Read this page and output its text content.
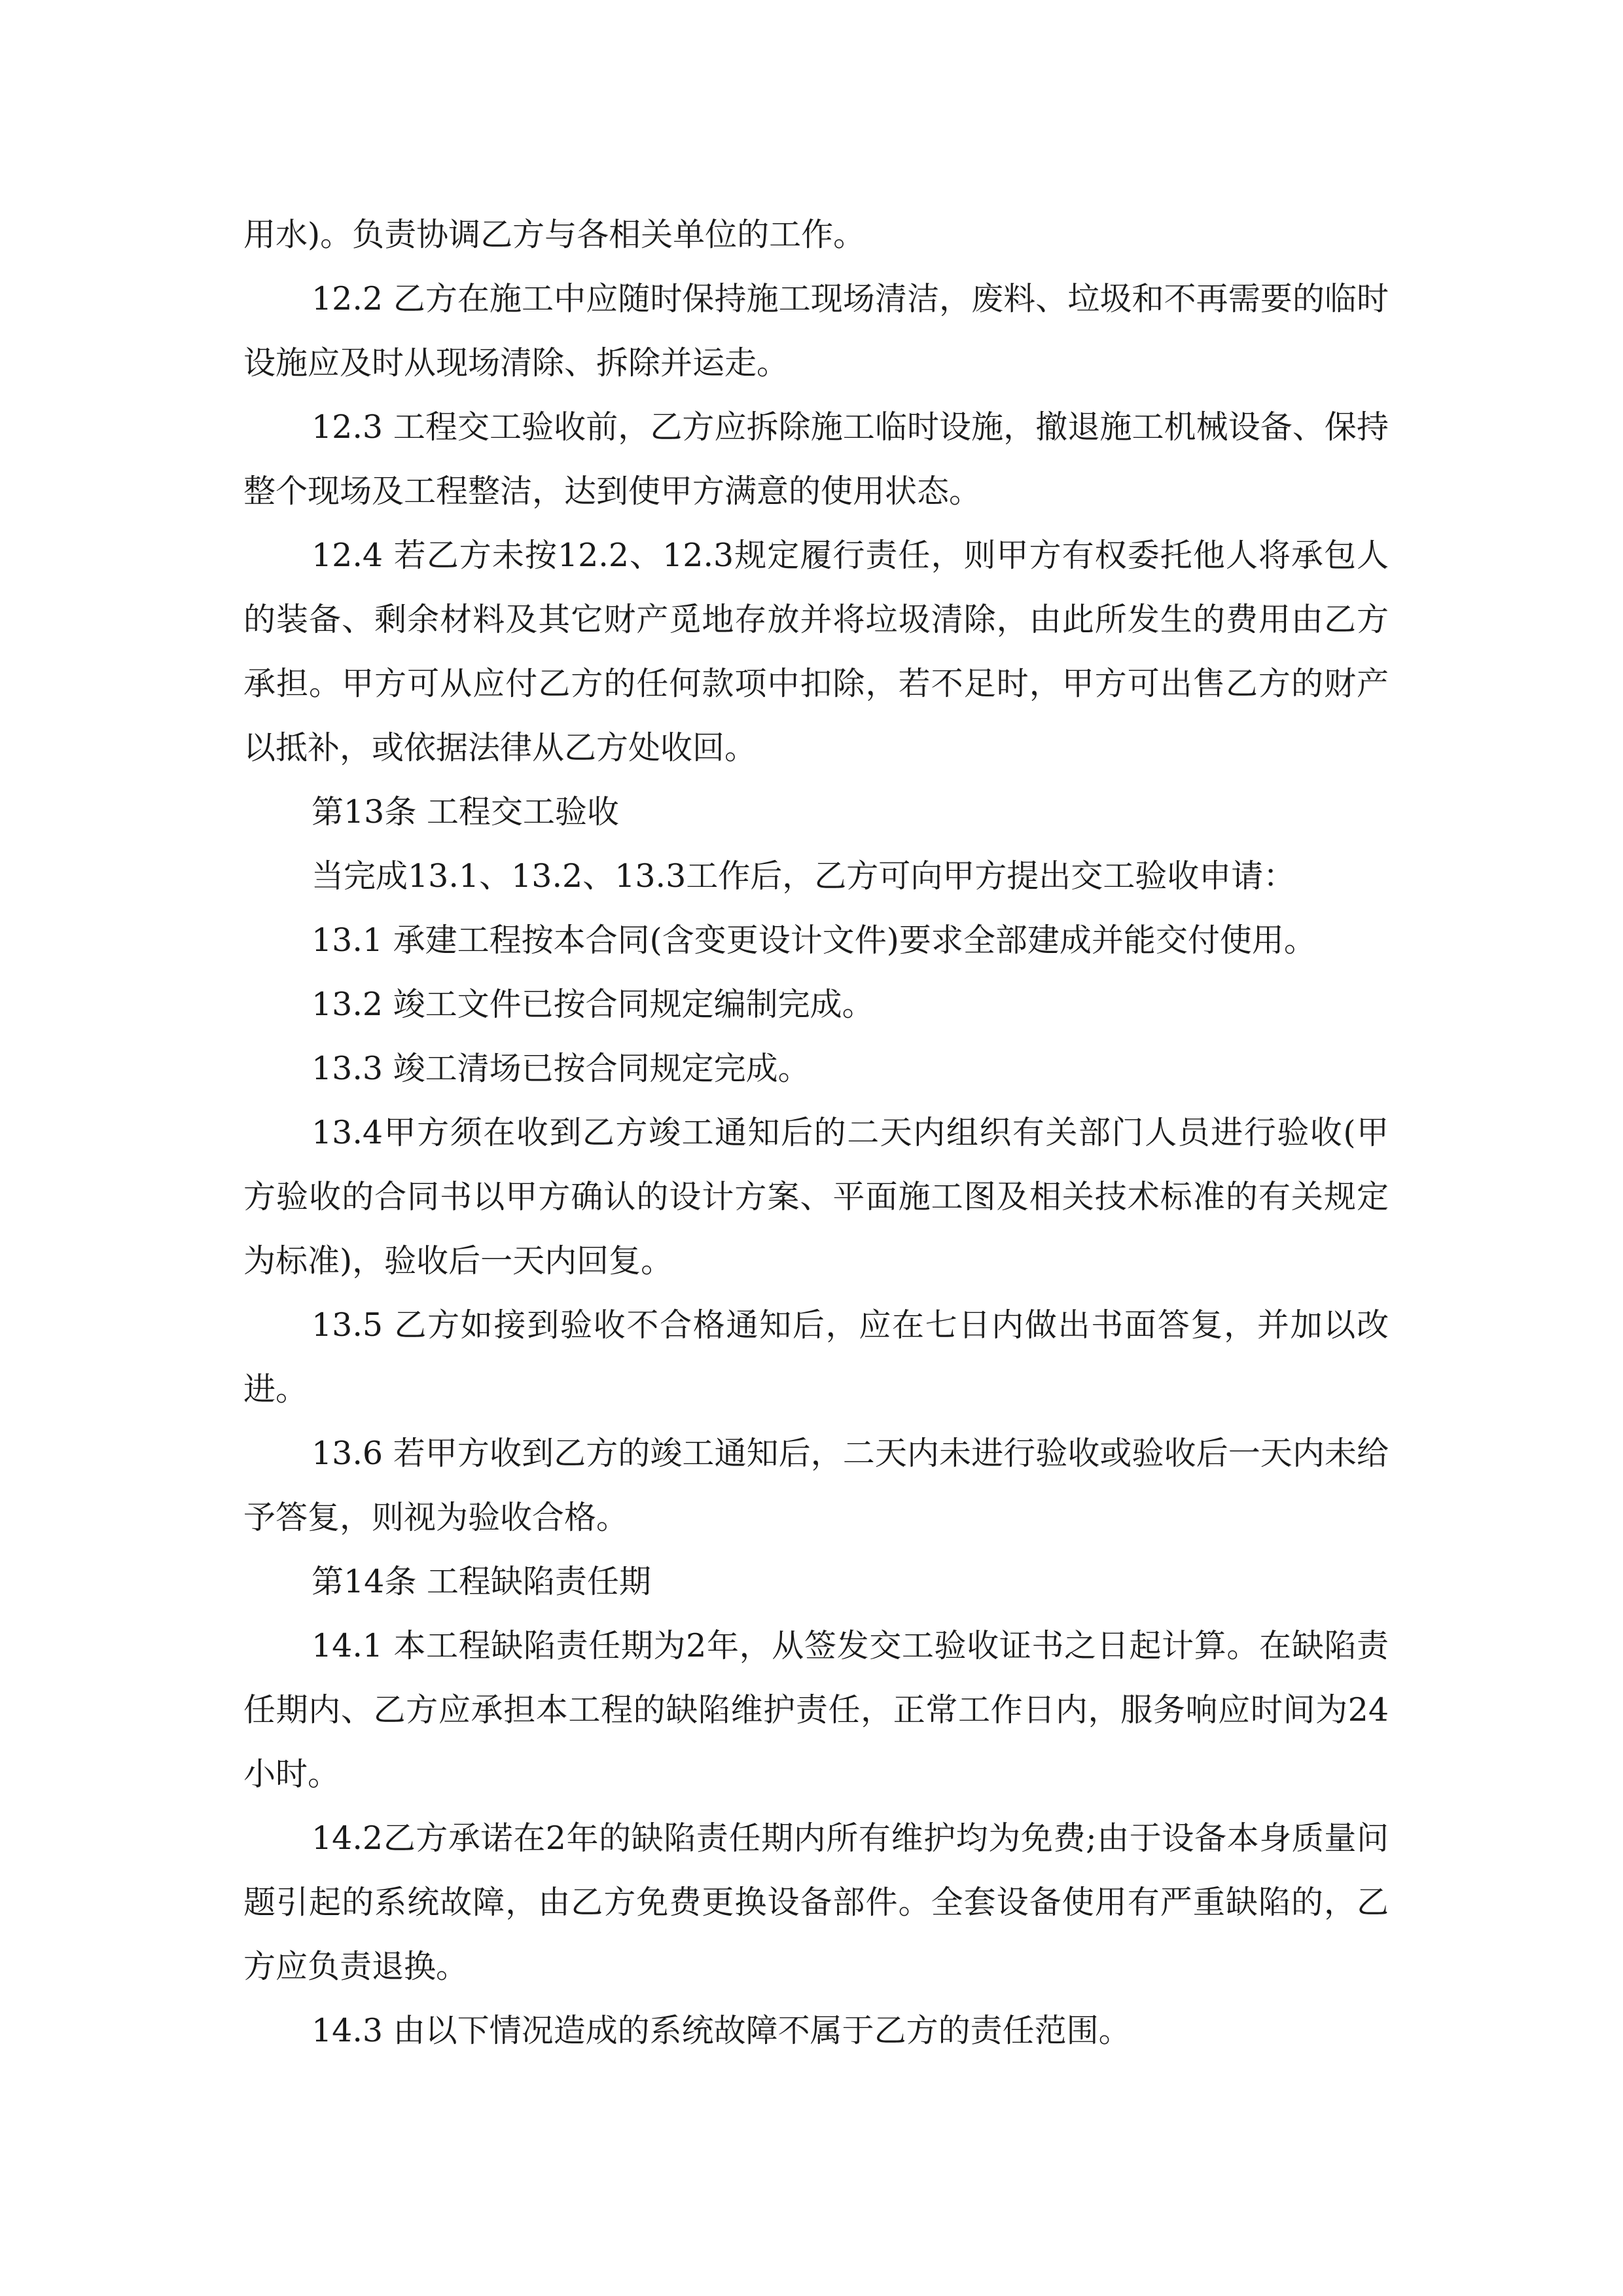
用水)。负责协调乙方与各相关单位的工作。

12.2 乙方在施工中应随时保持施工现场清洁，废料、垃圾和不再需要的临时设施应及时从现场清除、拆除并运走。

12.3 工程交工验收前，乙方应拆除施工临时设施，撤退施工机械设备、保持整个现场及工程整洁，达到使甲方满意的使用状态。

12.4 若乙方未按12.2、12.3规定履行责任，则甲方有权委托他人将承包人的装备、剩余材料及其它财产觅地存放并将垃圾清除，由此所发生的费用由乙方承担。甲方可从应付乙方的任何款项中扣除，若不足时，甲方可出售乙方的财产以抵补，或依据法律从乙方处收回。

第13条 工程交工验收

当完成13.1、13.2、13.3工作后，乙方可向甲方提出交工验收申请：

13.1 承建工程按本合同(含变更设计文件)要求全部建成并能交付使用。

13.2 竣工文件已按合同规定编制完成。

13.3 竣工清场已按合同规定完成。

13.4甲方须在收到乙方竣工通知后的二天内组织有关部门人员进行验收(甲方验收的合同书以甲方确认的设计方案、平面施工图及相关技术标准的有关规定为标准)，验收后一天内回复。

13.5 乙方如接到验收不合格通知后，应在七日内做出书面答复，并加以改进。

13.6 若甲方收到乙方的竣工通知后，二天内未进行验收或验收后一天内未给予答复，则视为验收合格。

第14条 工程缺陷责任期

14.1 本工程缺陷责任期为2年，从签发交工验收证书之日起计算。在缺陷责任期内、乙方应承担本工程的缺陷维护责任，正常工作日内，服务响应时间为24小时。

14.2乙方承诺在2年的缺陷责任期内所有维护均为免费;由于设备本身质量问题引起的系统故障，由乙方免费更换设备部件。全套设备使用有严重缺陷的，乙方应负责退换。

14.3 由以下情况造成的系统故障不属于乙方的责任范围。
